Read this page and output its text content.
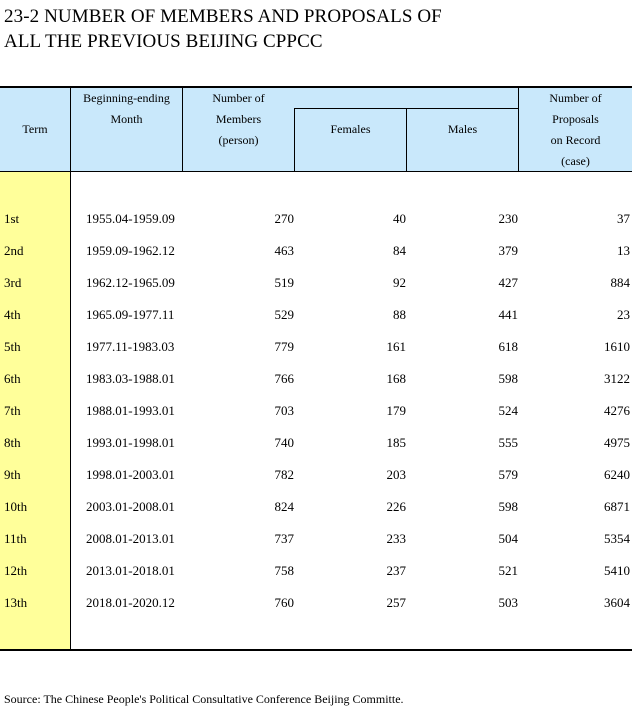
23-2 NUMBER OF MEMBERS AND PROPOSALS OF
ALL THE PREVIOUS BEIJING CPPCC
Term
Beginning-ending
Month
Number of
Members
(person)
Females	Males
Number of
Proposals
on Record
(case)
1st	1955.04-1959.09	270	40	230	37
2nd	1959.09-1962.12	463	84	379	13
3rd	1962.12-1965.09	519	92	427	884
4th	1965.09-1977.11	529	88	441	23
5th	1977.11-1983.03	779	161	618	1610
6th	1983.03-1988.01	766	168	598	3122
7th	1988.01-1993.01	703	179	524	4276
8th	1993.01-1998.01	740	185	555	4975
9th	1998.01-2003.01	782	203	579	6240
10th	2003.01-2008.01	824	226	598	6871
11th	2008.01-2013.01	737	233	504	5354
12th	2013.01-2018.01	758	237	521	5410
13th	2018.01-2020.12	760	257	503	3604
Source: The Chinese People's Political Consultative Conference Beijing Committe.
